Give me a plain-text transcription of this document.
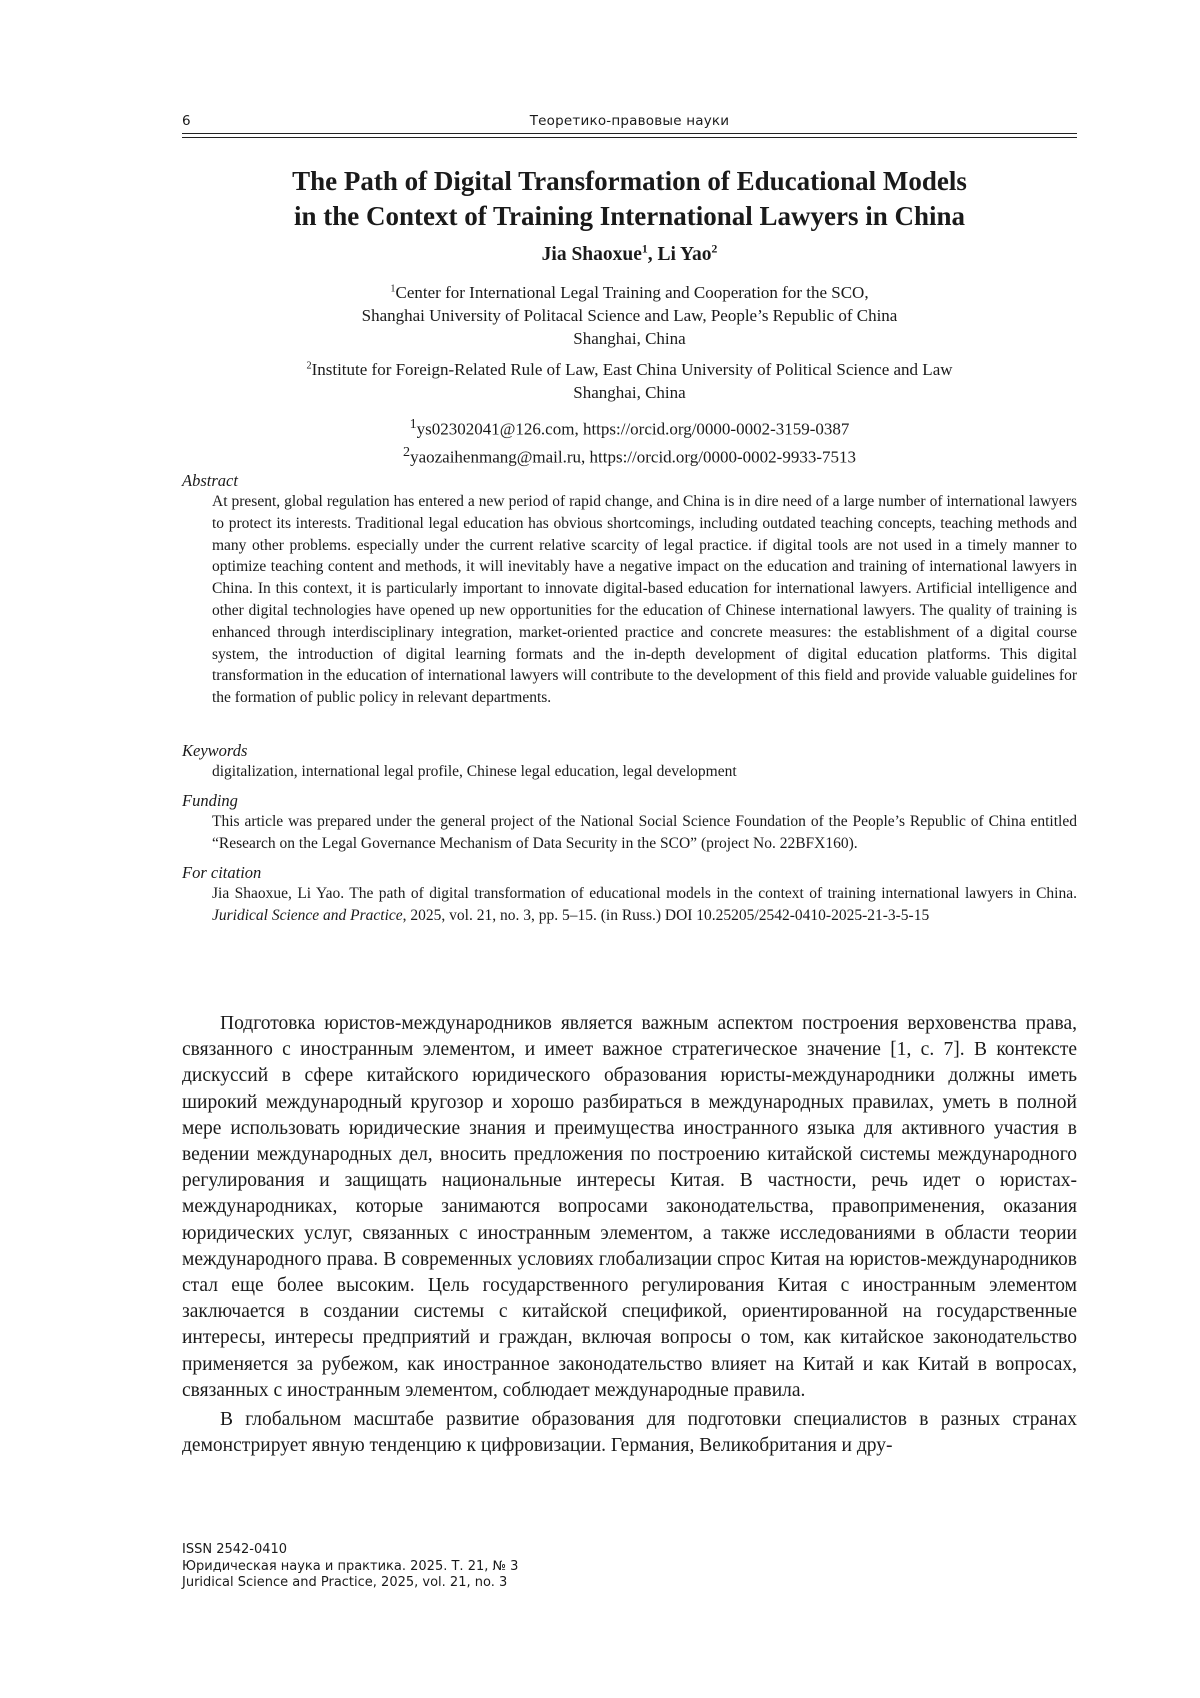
6	Теоретико-правовые науки
The Path of Digital Transformation of Educational Models
in the Context of Training International Lawyers in China
Jia Shaoxue$^1$, Li Yao$^2$
$^1$Center for International Legal Training and Cooperation for the SCO,
Shanghai University of Politacal Science and Law, People’s Republic of China
Shanghai, China
$^2$Institute for Foreign-Related Rule of Law, East China University of Political Science and Law
Shanghai, China
$^1$ys02302041@126.com, https://orcid.org/0000-0002-3159-0387
$^2$yaozaihenmang@mail.ru, https://orcid.org/0000-0002-9933-7513
Abstract
At present, global regulation has entered a new period of rapid change, and China is in dire need of a large number of international lawyers to protect its interests. Traditional legal education has obvious shortcomings, including outdated teaching concepts, teaching methods and many other problems. especially under the current relative scarcity of legal practice. if digital tools are not used in a timely manner to optimize teaching content and methods, it will inevitably have a negative impact on the education and training of international lawyers in China. In this context, it is particularly important to innovate digital-based education for international lawyers. Artificial intelligence and other digital technologies have opened up new opportunities for the education of Chinese international lawyers. The quality of training is enhanced through interdisciplinary integration, market-oriented practice and concrete measures: the establishment of a digital course system, the introduction of digital learning formats and the in-depth development of digital education platforms. This digital transformation in the education of international lawyers will contribute to the development of this field and provide valuable guidelines for the formation of public policy in relevant departments.
Keywords
digitalization, international legal profile, Chinese legal education, legal development
Funding
This article was prepared under the general project of the National Social Science Foundation of the People’s Republic of China entitled “Research on the Legal Governance Mechanism of Data Security in the SCO” (project No. 22BFX160).
For citation
Jia Shaoxue, Li Yao. The path of digital transformation of educational models in the context of training international lawyers in China. Juridical Science and Practice, 2025, vol. 21, no. 3, pp. 5–15. (in Russ.) DOI 10.25205/2542-0410-2025-21-3-5-15

Подготовка юристов-международников является важным аспектом построения верховенства права, связанного с иностранным элементом, и имеет важное стратегическое значение [1, с. 7]. В контексте дискуссий в сфере китайского юридического образования юристы-международники должны иметь широкий международный кругозор и хорошо разбираться в международных правилах, уметь в полной мере использовать юридические знания и преимущества иностранного языка для активного участия в ведении международных дел, вносить предложения по построению китайской системы международного регулирования и защищать национальные интересы Китая. В частности, речь идет о юристах-международниках, которые занимаются вопросами законодательства, правоприменения, оказания юридических услуг, связанных с иностранным элементом, а также исследованиями в области теории международного права. В современных условиях глобализации спрос Китая на юристов-международников стал еще более высоким. Цель государственного регулирования Китая с иностранным элементом заключается в создании системы с китайской спецификой, ориентированной на государственные интересы, интересы предприятий и граждан, включая вопросы о том, как китайское законодательство применяется за рубежом, как иностранное законодательство влияет на Китай и как Китай в вопросах, связанных с иностранным элементом, соблюдает международные правила.

В глобальном масштабе развитие образования для подготовки специалистов в разных странах демонстрирует явную тенденцию к цифровизации. Германия, Великобритания и дру-

ISSN 2542-0410
Юридическая наука и практика. 2025. Т. 21, № 3
Juridical Science and Practice, 2025, vol. 21, no. 3
